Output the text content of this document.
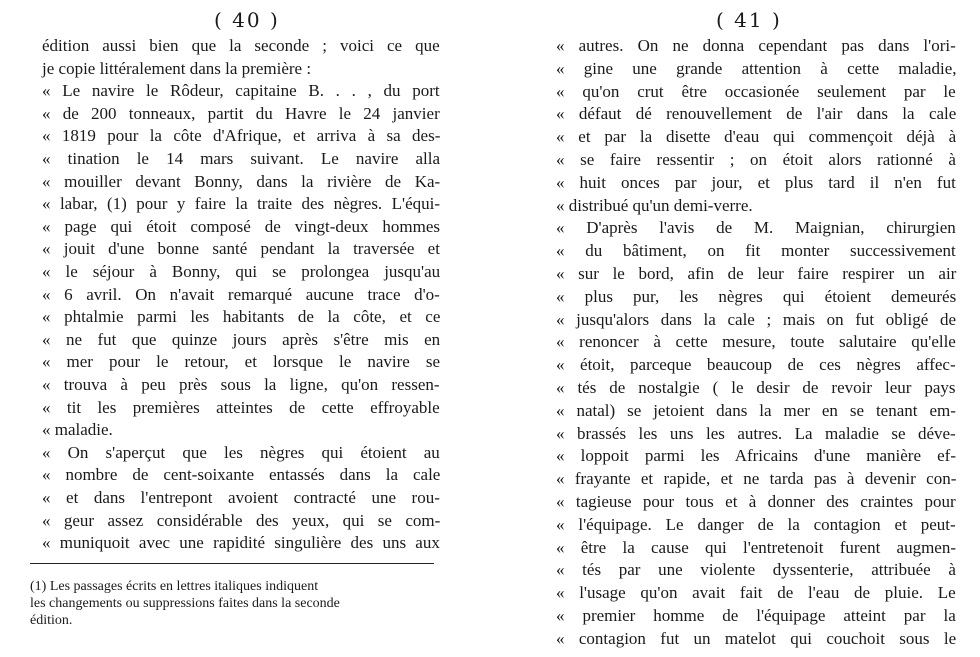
( 40 )
édition aussi bien que la seconde ; voici ce que
je copie littéralement dans la première :
« Le navire le Rôdeur, capitaine B. . . , du port
« de 200 tonneaux, partit du Havre le 24 janvier
« 1819 pour la côte d'Afrique, et arriva à sa des-
« tination le 14 mars suivant. Le navire alla
« mouiller devant Bonny, dans la rivière de Ka-
« labar, (1) pour y faire la traite des nègres. L'équi-
« page qui étoit composé de vingt-deux hommes
« jouit d'une bonne santé pendant la traversée et
« le séjour à Bonny, qui se prolongea jusqu'au
« 6 avril. On n'avait remarqué aucune trace d'o-
« phtalmie parmi les habitants de la côte, et ce
« ne fut que quinze jours après s'être mis en
« mer pour le retour, et lorsque le navire se
« trouva à peu près sous la ligne, qu'on ressen-
« tit les premières atteintes de cette effroyable
« maladie.
« On s'aperçut que les nègres qui étoient au
« nombre de cent-soixante entassés dans la cale
« et dans l'entrepont avoient contracté une rou-
« geur assez considérable des yeux, qui se com-
« muniquoit avec une rapidité singulière des uns aux
(1) Les passages écrits en lettres italiques indiquent
les changements ou suppressions faites dans la seconde
édition.
( 41 )
« autres. On ne donna cependant pas dans l'ori-
« gine une grande attention à cette maladie,
« qu'on crut être occasionée seulement par le
« défaut dé renouvellement de l'air dans la cale
« et par la disette d'eau qui commençoit déjà à
« se faire ressentir ; on étoit alors rationné à
« huit onces par jour, et plus tard il n'en fut
« distribué qu'un demi-verre.
« D'après l'avis de M. Maignian, chirurgien
« du bâtiment, on fit monter successivement
« sur le bord, afin de leur faire respirer un air
« plus pur, les nègres qui étoient demeurés
« jusqu'alors dans la cale ; mais on fut obligé de
« renoncer à cette mesure, toute salutaire qu'elle
« étoit, parceque beaucoup de ces nègres affec-
« tés de nostalgie ( le desir de revoir leur pays
« natal) se jetoient dans la mer en se tenant em-
« brassés les uns les autres. La maladie se déve-
« loppoit parmi les Africains d'une manière ef-
« frayante et rapide, et ne tarda pas à devenir con-
« tagieuse pour tous et à donner des craintes pour
« l'équipage. Le danger de la contagion et peut-
« être la cause qui l'entretenoit furent augmen-
« tés par une violente dyssenterie, attribuée à
« l'usage qu'on avait fait de l'eau de pluie. Le
« premier homme de l'équipage atteint par la
« contagion fut un matelot qui couchoit sous le
